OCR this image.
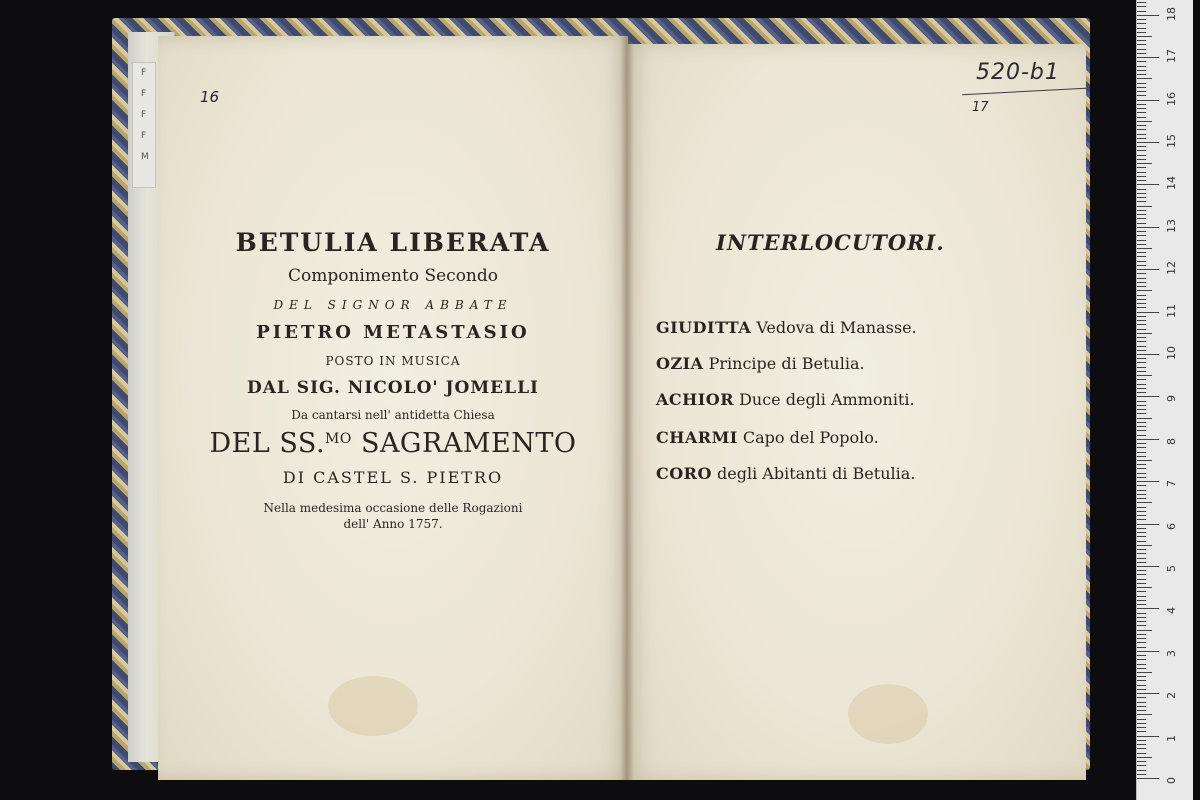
F
F
F
F
M
16
BETULIA LIBERATA
Componimento Secondo
DEL SIGNOR ABBATE
PIETRO METASTASIO
POSTO IN MUSICA
DAL SIG. NICOLO' JOMELLI
Da cantarsi nell' antidetta Chiesa
DEL SS.$^{MO}$ SAGRAMENTO
DI CASTEL S. PIETRO
Nella medesima occasione delle Rogazioni
dell' Anno 1757.
520-b1
17
INTERLOCUTORI.
GIUDITTA Vedova di Manasse.
OZIA Principe di Betulia.
ACHIOR Duce degli Ammoniti.
CHARMI Capo del Popolo.
CORO degli Abitanti di Betulia.
0
1
2
3
4
5
6
7
8
9
10
11
12
13
14
15
16
17
18
